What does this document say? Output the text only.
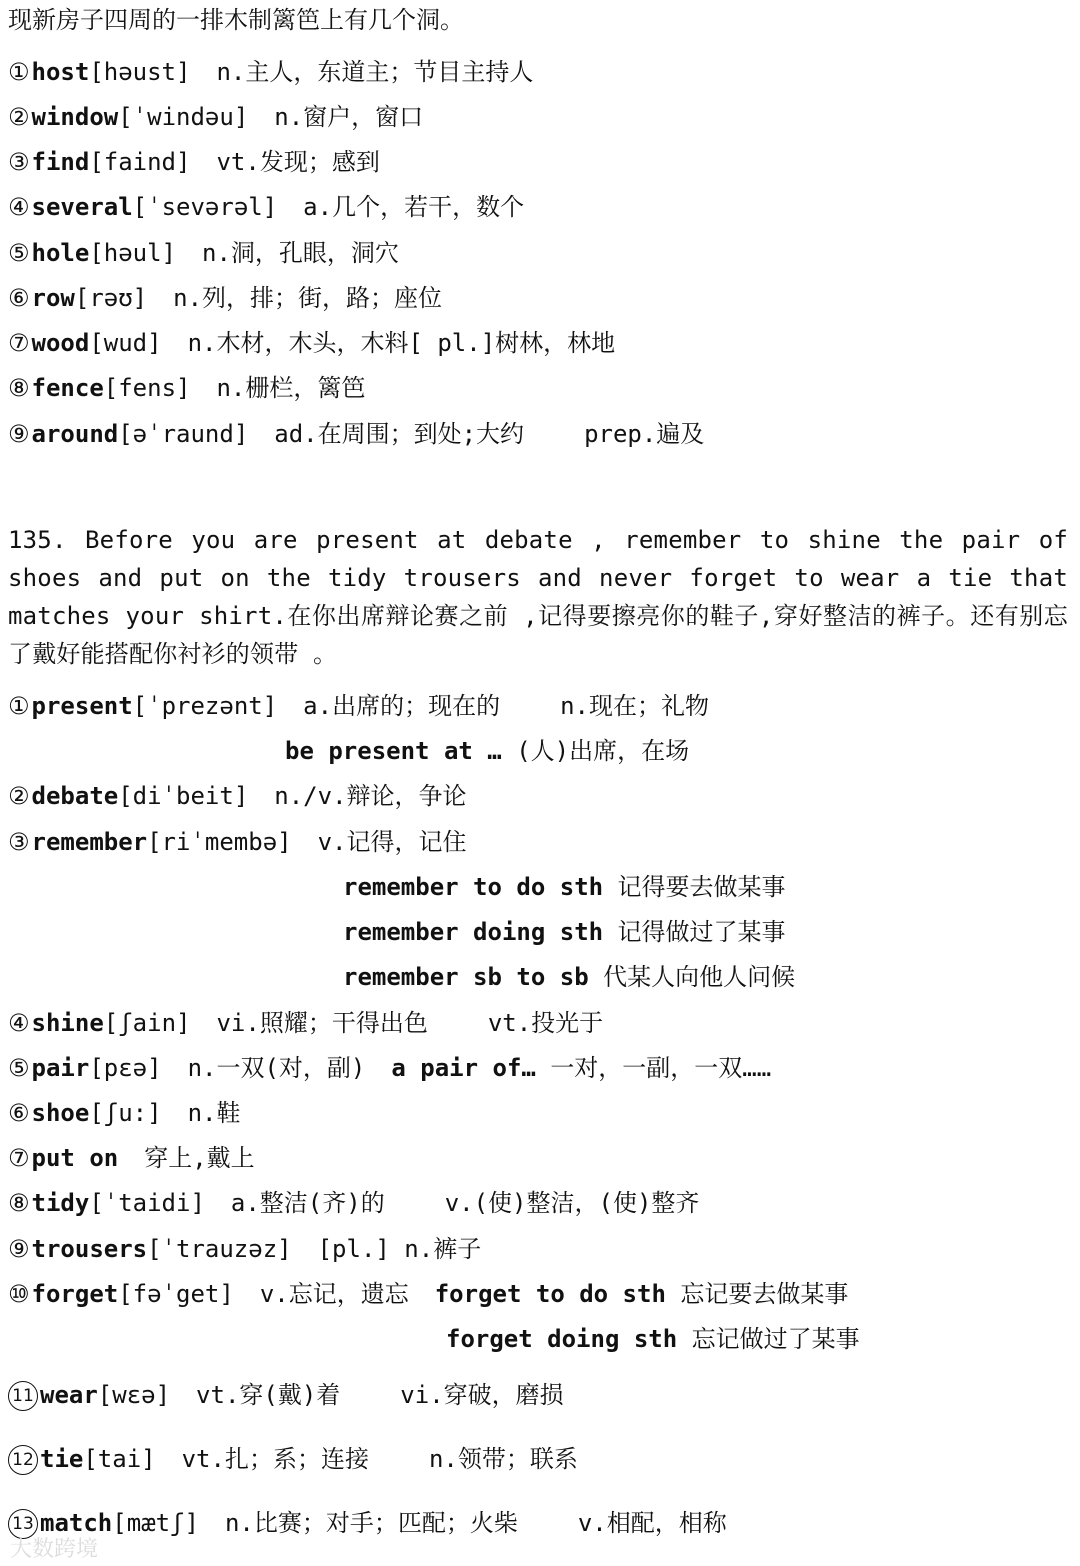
现新房子四周的一排木制篱笆上有几个洞。
①host[həust] n.主人，东道主；节目主持人
②window[ˈwindəu] n.窗户，窗口
③find[faind] vt.发现；感到
④several[ˈsevərəl] a.几个，若干，数个
⑤hole[həul] n.洞，孔眼，洞穴
⑥row[rəʊ] n.列，排；街，路；座位
⑦wood[wud] n.木材，木头，木料[ pl.]树林，林地
⑧fence[fens] n.栅栏，篱笆
⑨around[əˈraund] ad.在周围；到处;大约	prep.遍及
135. Before you are present at debate , remember to shine the pair of shoes and put on the tidy trousers and never forget to wear a tie that matches your shirt.在你出席辩论赛之前 ,记得要擦亮你的鞋子,穿好整洁的裤子。还有别忘了戴好能搭配你衬衫的领带 。
①present[ˈprezənt] a.出席的；现在的	n.现在；礼物
be present at … (人)出席，在场
②debate[diˈbeit] n./v.辩论，争论
③remember[riˈmembə] v.记得，记住
remember to do sth 记得要去做某事
remember doing sth 记得做过了某事
remember sb to sb 代某人向他人问候
④shine[ʃain] vi.照耀；干得出色	vt.投光于
⑤pair[pɛə] n.一双(对，副) a pair of… 一对，一副，一双……
⑥shoe[ʃu:] n.鞋
⑦put on 穿上,戴上
⑧tidy[ˈtaidi] a.整洁(齐)的	v.(使)整洁，(使)整齐
⑨trousers[ˈtrauzəz] [pl.] n.裤子
⑩forget[fəˈget] v.忘记，遗忘 forget to do sth 忘记要去做某事
forget doing sth 忘记做过了某事
11 wear[wɛə] vt.穿(戴)着	vi.穿破，磨损
12 tie[tai] vt.扎；系；连接	n.领带；联系
13 match[mætʃ] n.比赛；对手；匹配；火柴	v.相配，相称
大数跨境
